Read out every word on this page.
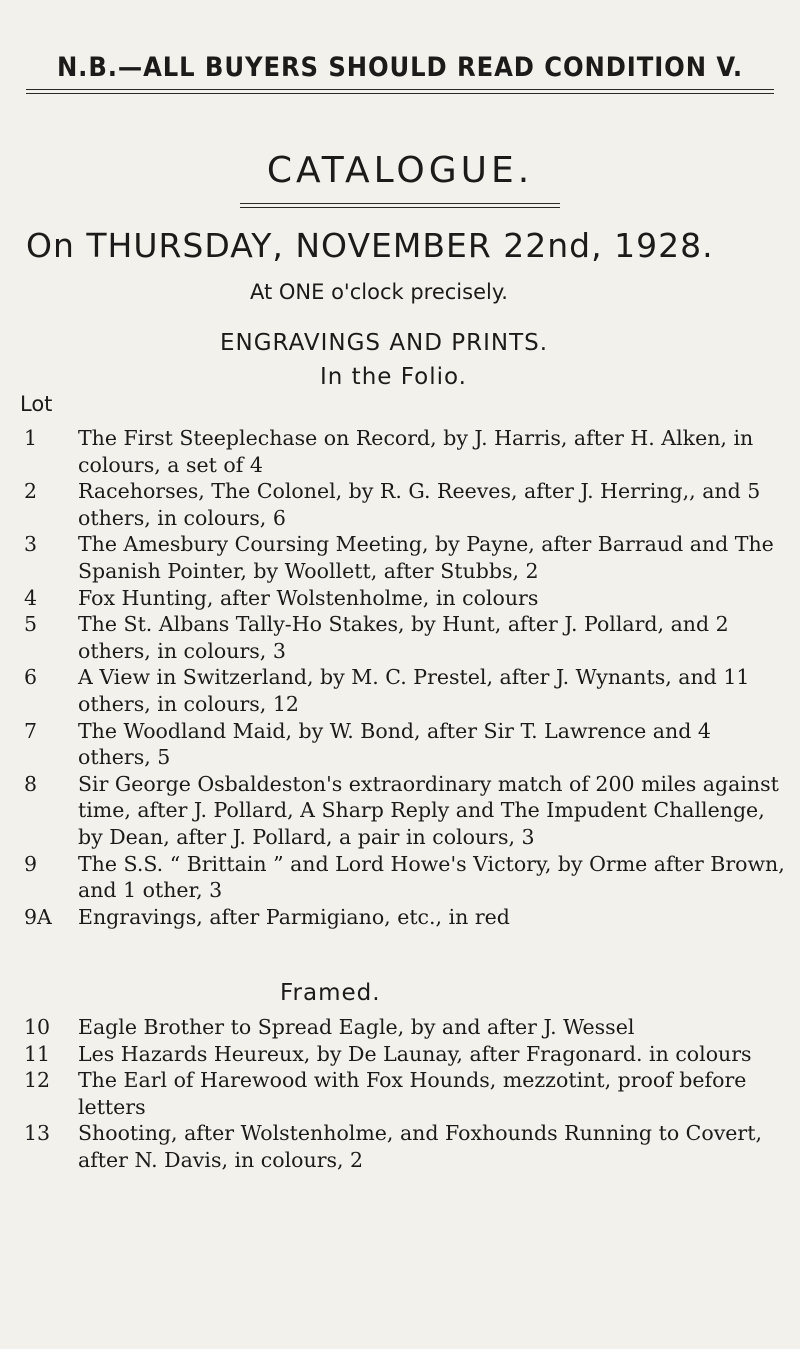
N.B.—ALL BUYERS SHOULD READ CONDITION V.
CATALOGUE.
On THURSDAY, NOVEMBER 22nd, 1928.
At ONE o'clock precisely.
ENGRAVINGS AND PRINTS.
In the Folio.
Lot
1	The First Steeplechase on Record, by J. Harris, after H. Alken, in colours, a set of 4
2	Racehorses, The Colonel, by R. G. Reeves, after J. Herring,, and 5 others, in colours, 6
3	The Amesbury Coursing Meeting, by Payne, after Barraud and The Spanish Pointer, by Woollett, after Stubbs, 2
4	Fox Hunting, after Wolstenholme, in colours
5	The St. Albans Tally-Ho Stakes, by Hunt, after J. Pollard, and 2 others, in colours, 3
6	A View in Switzerland, by M. C. Prestel, after J. Wynants, and 11 others, in colours, 12
7	The Woodland Maid, by W. Bond, after Sir T. Lawrence and 4 others, 5
8	Sir George Osbaldeston's extraordinary match of 200 miles against time, after J. Pollard, A Sharp Reply and The Impudent Challenge, by Dean, after J. Pollard, a pair in colours, 3
9	The S.S. “ Brittain ” and Lord Howe's Victory, by Orme after Brown, and 1 other, 3
9A	Engravings, after Parmigiano, etc., in red
Framed.
10	Eagle Brother to Spread Eagle, by and after J. Wessel
11	Les Hazards Heureux, by De Launay, after Fragonard. in colours
12	The Earl of Harewood with Fox Hounds, mezzotint, proof before letters
13	Shooting, after Wolstenholme, and Foxhounds Running to Covert, after N. Davis, in colours, 2
